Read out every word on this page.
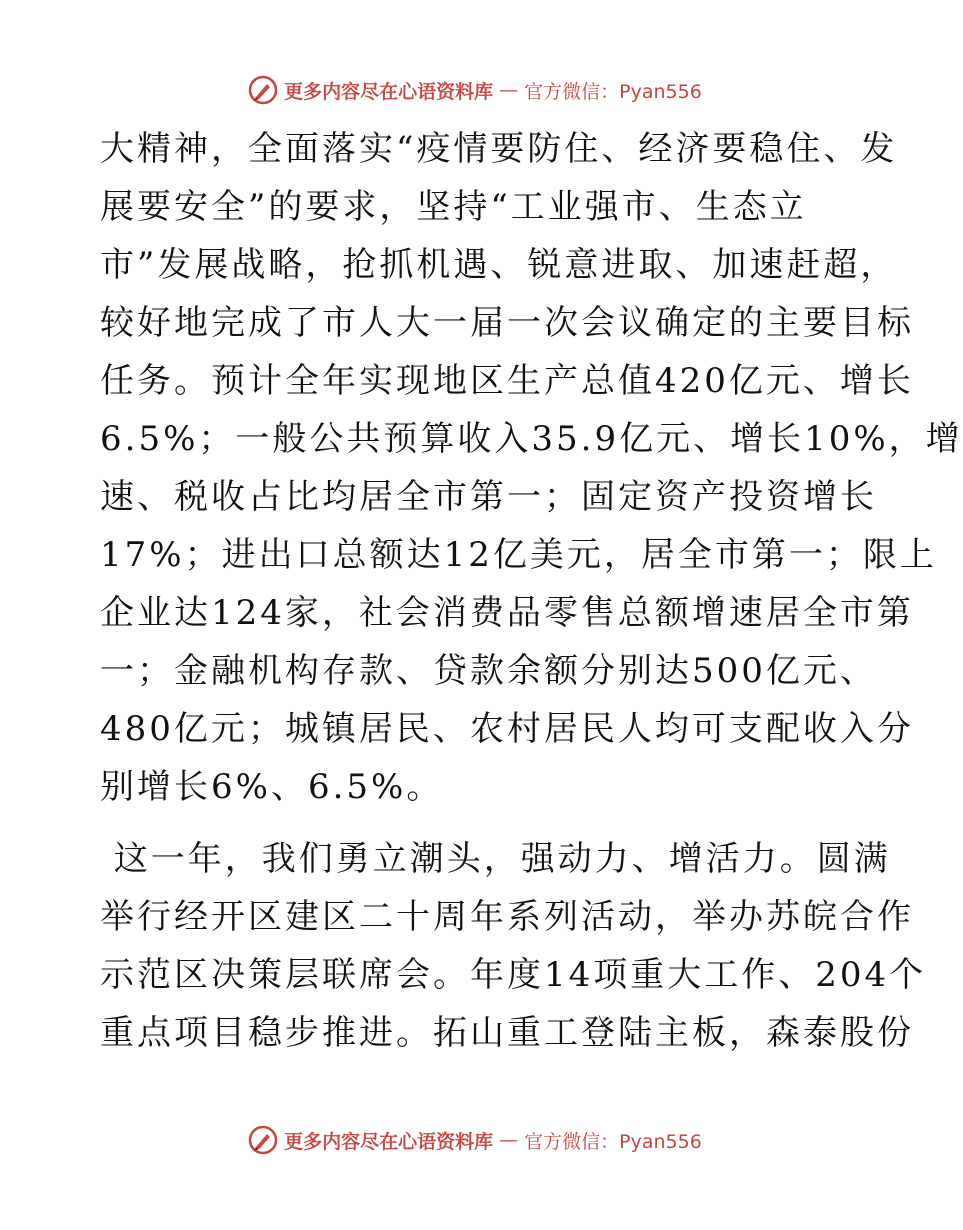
更多内容尽在心语资料库 — 官方微信：Pyan556
大精神，全面落实“疫情要防住、经济要稳住、发
展要安全”的要求，坚持“工业强市、生态立
市”发展战略，抢抓机遇、锐意进取、加速赶超，
较好地完成了市人大一届一次会议确定的主要目标
任务。预计全年实现地区生产总值420亿元、增长
6.5%；一般公共预算收入35.9亿元、增长10%，增
速、税收占比均居全市第一；固定资产投资增长
17%；进出口总额达12亿美元，居全市第一；限上
企业达124家，社会消费品零售总额增速居全市第
一；金融机构存款、贷款余额分别达500亿元、
480亿元；城镇居民、农村居民人均可支配收入分
别增长6%、6.5%。
这一年，我们勇立潮头，强动力、增活力。圆满
举行经开区建区二十周年系列活动，举办苏皖合作
示范区决策层联席会。年度14项重大工作、204个
重点项目稳步推进。拓山重工登陆主板，森泰股份
更多内容尽在心语资料库 — 官方微信：Pyan556
